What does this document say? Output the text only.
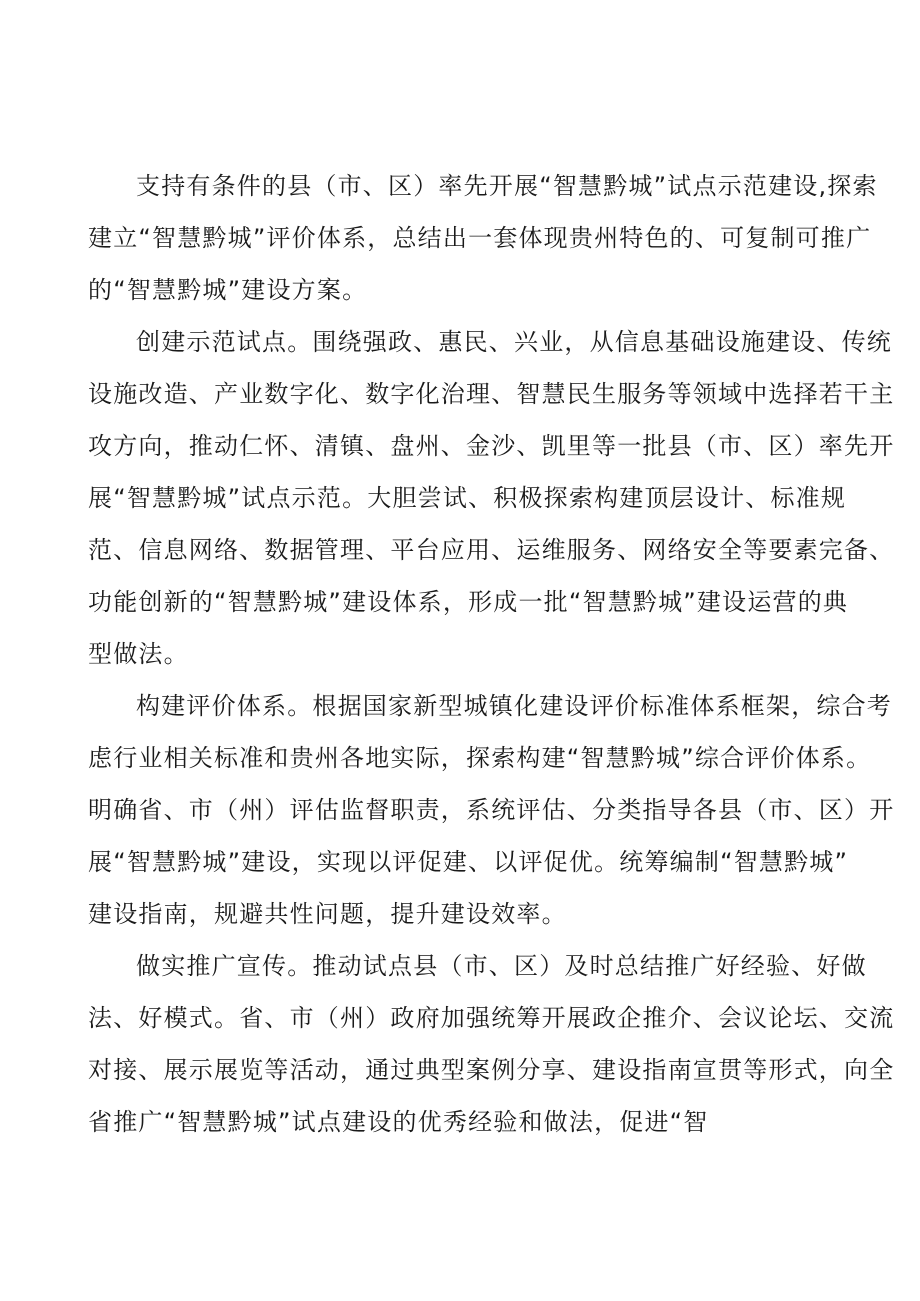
支持有条件的县（市、区）率先开展“智慧黔城”试点示范建设,探索
建立“智慧黔城”评价体系，总结出一套体现贵州特色的、可复制可推广
的“智慧黔城”建设方案。
创建示范试点。围绕强政、惠民、兴业，从信息基础设施建设、传统
设施改造、产业数字化、数字化治理、智慧民生服务等领域中选择若干主
攻方向，推动仁怀、清镇、盘州、金沙、凯里等一批县（市、区）率先开
展“智慧黔城”试点示范。大胆尝试、积极探索构建顶层设计、标准规
范、信息网络、数据管理、平台应用、运维服务、网络安全等要素完备、
功能创新的“智慧黔城”建设体系，形成一批“智慧黔城”建设运营的典
型做法。
构建评价体系。根据国家新型城镇化建设评价标准体系框架，综合考
虑行业相关标准和贵州各地实际，探索构建“智慧黔城”综合评价体系。
明确省、市（州）评估监督职责，系统评估、分类指导各县（市、区）开
展“智慧黔城”建设，实现以评促建、以评促优。统筹编制“智慧黔城”
建设指南，规避共性问题，提升建设效率。
做实推广宣传。推动试点县（市、区）及时总结推广好经验、好做
法、好模式。省、市（州）政府加强统筹开展政企推介、会议论坛、交流
对接、展示展览等活动，通过典型案例分享、建设指南宣贯等形式，向全
省推广“智慧黔城”试点建设的优秀经验和做法，促进“智
